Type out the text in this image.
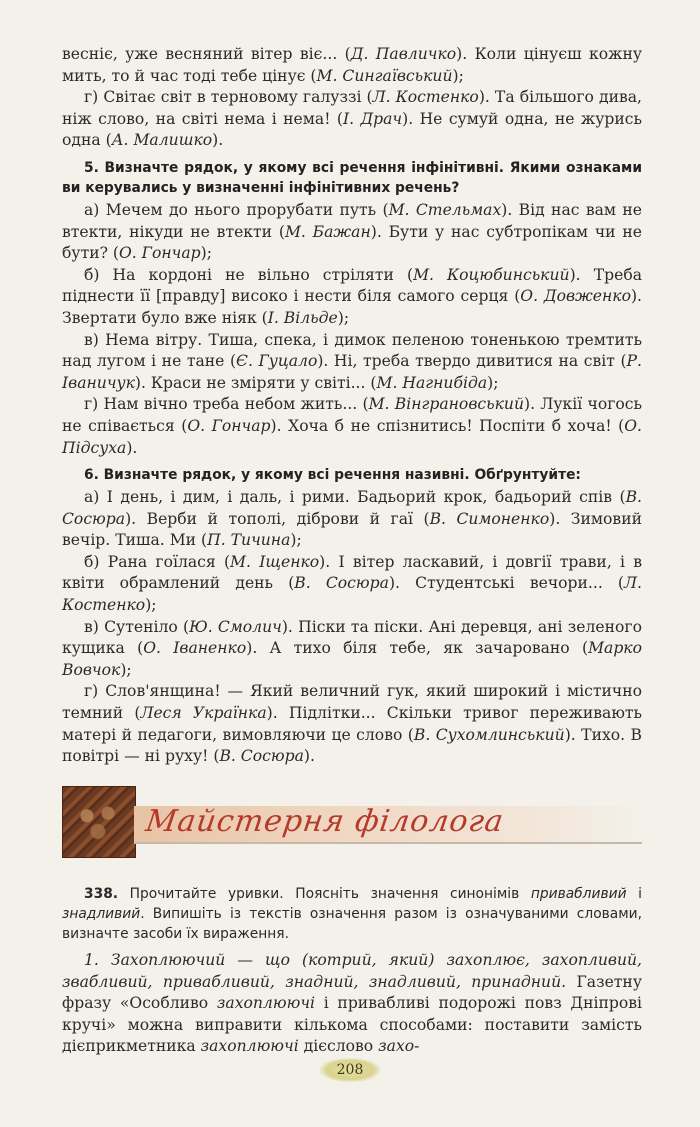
веснiє, уже весняний вiтер вiє... (Д. Павличко). Коли цiнуєш кожну мить, то й час тодi тебе цiнує (М. Сингаївський);

г) Свiтає свiт в терновому галуззi (Л. Костенко). Та бiльшого дива, нiж слово, на свiтi нема i нема! (I. Драч). Не сумуй одна, не журись одна (А. Малишко).

5. Визначте рядок, у якому всi речення iнфiнiтивнi. Якими ознаками ви керувались у визначеннi iнфiнiтивних речень?

а) Мечем до нього прорубати путь (М. Стельмах). Вiд нас вам не втекти, нiкуди не втекти (М. Бажан). Бути у нас субтропiкам чи не бути? (О. Гончар);

б) На кордонi не вiльно стрiляти (М. Коцюбинський). Треба пiднести її [правду] високо i нести бiля самого серця (О. Довженко). Звертати було вже нiяк (I. Вiльде);

в) Нема вiтру. Тиша, спека, i димок пеленою тоненькою тремтить над лугом i не тане (Є. Гуцало). Нi, треба твердо дивитися на свiт (Р. Iваничук). Краси не змiряти у свiтi... (М. Нагнибiда);

г) Нам вiчно треба небом жить... (М. Вiнграновський). Лукiї чогось не спiвається (О. Гончар). Хоча б не спiзнитись! Поспiти б хоча! (О. Пiдсуха).

6. Визначте рядок, у якому всi речення називнi. Обґрунтуйте:

а) I день, i дим, i даль, i рими. Бадьорий крок, бадьорий спiв (В. Сосюра). Верби й тополi, дiброви й гаї (В. Симоненко). Зимовий вечiр. Тиша. Ми (П. Тичина);

б) Рана гоїлася (М. Iщенко). I вiтер ласкавий, i довгiї трави, i в квiти обрамлений день (В. Сосюра). Студентськi вечори... (Л. Костенко);

в) Сутенiло (Ю. Смолич). Пiски та пiски. Анi деревця, анi зеленого кущика (О. Iваненко). А тихо бiля тебе, як зачаровано (Марко Вовчок);

г) Слов'янщина! — Який величний гук, який широкий i мiстично темний (Леся Українка). Пiдлiтки... Скiльки тривог переживають матерi й педагоги, вимовляючи це слово (В. Сухомлинський). Тихо. В повiтрi — нi руху! (В. Сосюра).

Майстерня філолога

338. Прочитайте уривки. Поясніть значення синонімів привабливий і знадливий. Випишіть із текстів означення разом із означуваними словами, визначте засоби їх вираження.

1. Захоплюючий — що (котрий, який) захоплює, захопливий, звабливий, привабливий, знадний, знадливий, принадний. Газетну фразу «Особливо захоплюючі і привабливі подорожі повз Дніпрові кручі» можна виправити кількома способами: поставити замість дієприкметника захоплюючі дієслово захо-

208
